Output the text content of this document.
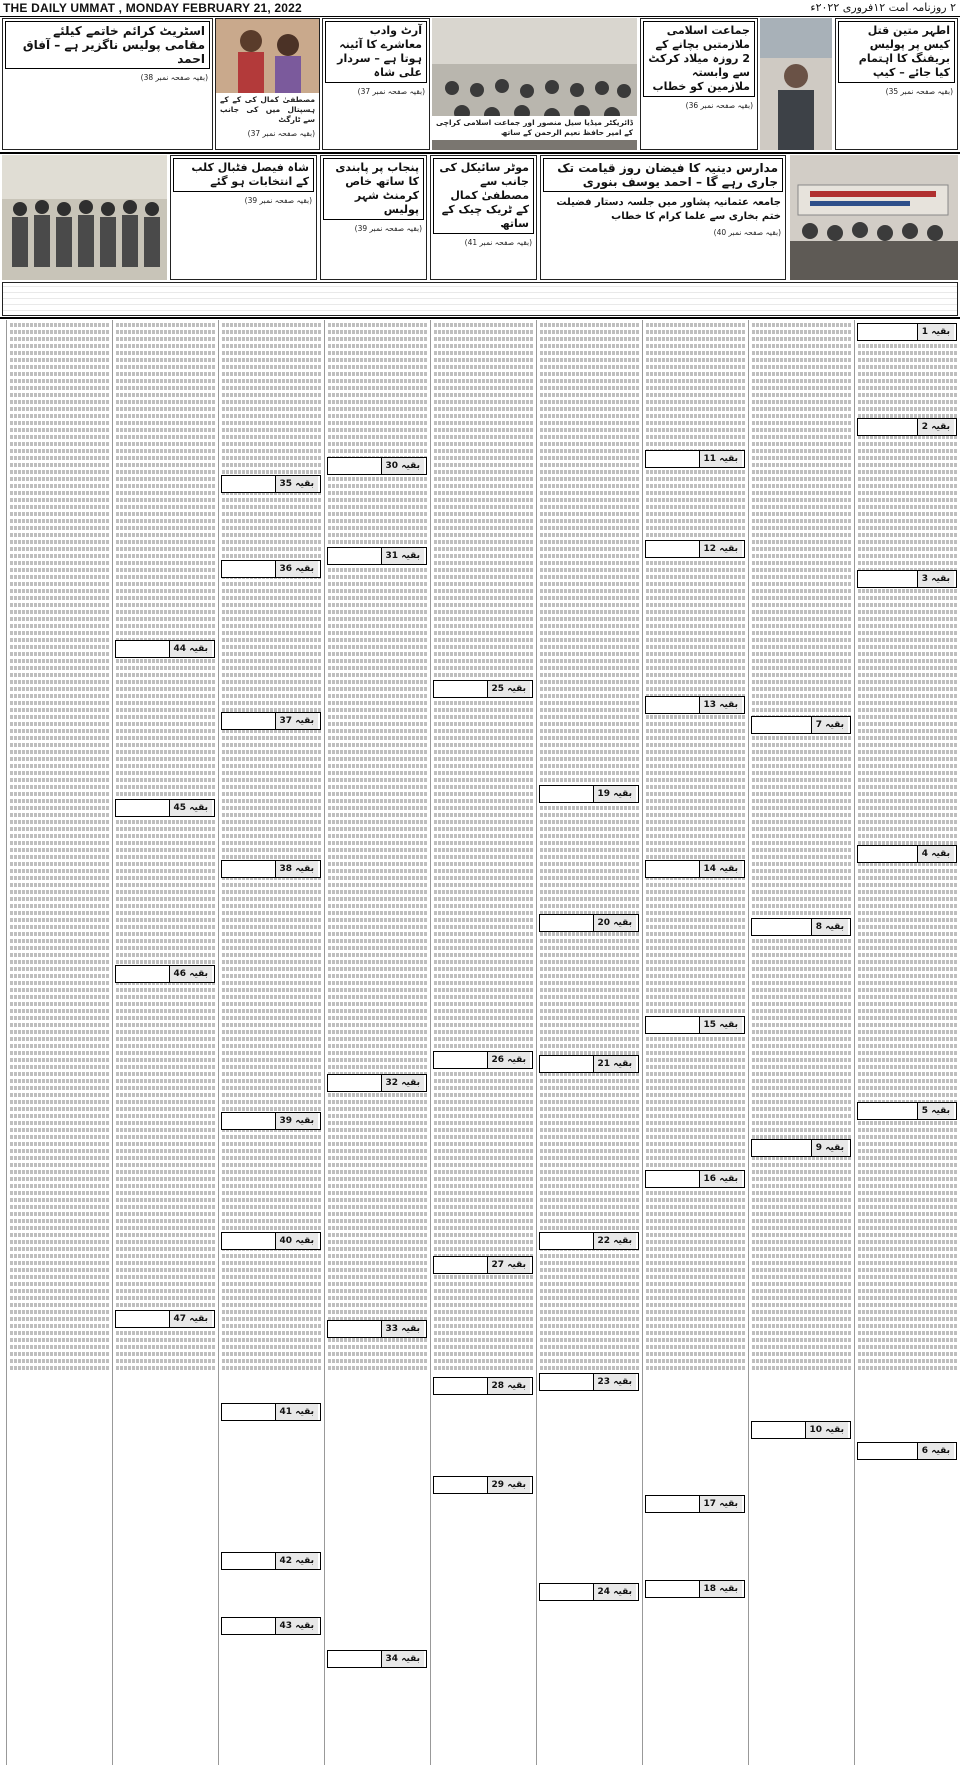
THE DAILY UMMAT , MONDAY FEBRUARY 21, 2022	۲ روزنامہ امت ۱۲فروری ۲۰۲۲ء
اطہر متین قتل کیس پر پولیس بریفنگ کا اہتمام کیا جائے – کیپ
(بقیہ صفحہ نمبر 35)
جماعت اسلامی ملازمتیں بچانے کے 2 روزہ میلاد کرکٹ سے وابستہ ملازمین کو خطاب
(بقیہ صفحہ نمبر 36)
ڈائریکٹر میڈیا سیل منصور اور جماعت اسلامی کراچی کے امیر حافظ نعیم الرحمن کے ساتھ
آرٹ وادب معاشرے کا آئینہ ہوتا ہے – سردار علی شاہ
(بقیہ صفحہ نمبر 37)
مصطفیٰ کمال کی کے کے ہسپتال میں کی جانب سے ٹارگٹ
(بقیہ صفحہ نمبر 37)
اسٹریٹ کرائم خاتمے کیلئے مقامی پولیس ناگزیر ہے – آفاق احمد
(بقیہ صفحہ نمبر 38)
مدارس دینیہ کا فیضان روز قیامت تک جاری رہے گا – احمد یوسف بنوری
جامعہ عثمانیہ پشاور میں جلسہ دستار فضیلت ختم بخاری سے علما کرام کا خطاب
(بقیہ صفحہ نمبر 40)
موٹر سائیکل کی جانب سے مصطفیٰ کمال کے ٹریک چیک کے ساتھ
(بقیہ صفحہ نمبر 41)
پنجاب پر پابندی کا ساتھ خاص کرمنٹ شہر پولیس
(بقیہ صفحہ نمبر 39)
شاہ فیصل فٹبال کلب کے انتخابات ہو گئے
(بقیہ صفحہ نمبر 39)
بقیہ 1
بقیہ 2
بقیہ 3
بقیہ 4
بقیہ 5
بقیہ 6
بقیہ 7
بقیہ 8
بقیہ 9
بقیہ 10
بقیہ 11
بقیہ 12
بقیہ 13
بقیہ 14
بقیہ 15
بقیہ 16
بقیہ 17
بقیہ 18
بقیہ 19
بقیہ 20
بقیہ 21
بقیہ 22
بقیہ 23
بقیہ 24
بقیہ 25
بقیہ 26
بقیہ 27
بقیہ 28
بقیہ 29
بقیہ 30
بقیہ 31
بقیہ 32
بقیہ 33
بقیہ 34
بقیہ 35
بقیہ 36
بقیہ 37
بقیہ 38
بقیہ 39
بقیہ 40
بقیہ 41
بقیہ 42
بقیہ 43
بقیہ 44
بقیہ 45
بقیہ 46
بقیہ 47
